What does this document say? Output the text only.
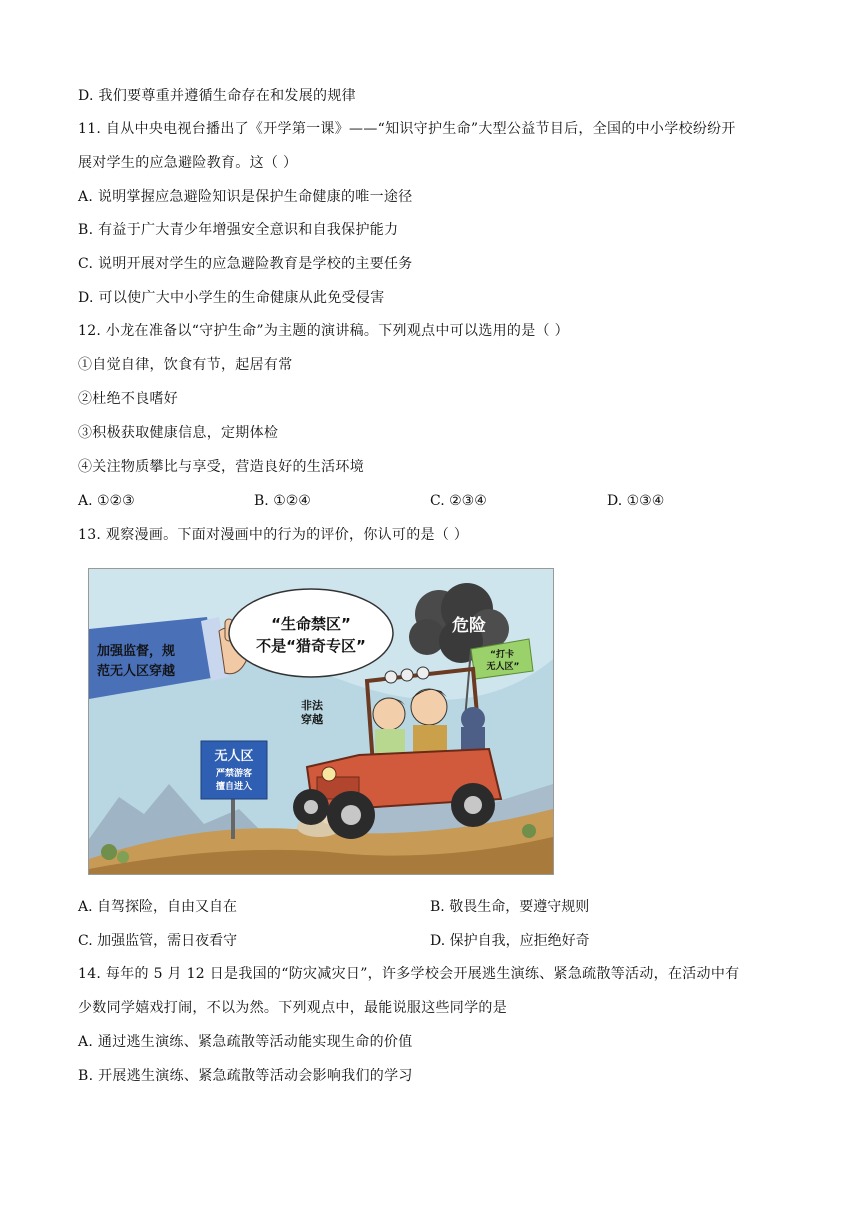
D. 我们要尊重并遵循生命存在和发展的规律
11. 自从中央电视台播出了《开学第一课》——“知识守护生命”大型公益节目后，全国的中小学校纷纷开
展对学生的应急避险教育。这（ ）
A. 说明掌握应急避险知识是保护生命健康的唯一途径
B. 有益于广大青少年增强安全意识和自我保护能力
C. 说明开展对学生的应急避险教育是学校的主要任务
D. 可以使广大中小学生的生命健康从此免受侵害
12. 小龙在准备以“守护生命”为主题的演讲稿。下列观点中可以选用的是（ ）
①自觉自律，饮食有节，起居有常
②杜绝不良嗜好
③积极获取健康信息，定期体检
④关注物质攀比与享受，营造良好的生活环境
A. ①②③	B. ①②④	C. ②③④	D. ①③④
13. 观察漫画。下面对漫画中的行为的评价，你认可的是（ ）
加强监督，规
范无人区穿越
“生命禁区”
不是“猎奇专区”
危险
“打卡
无人区”
非法
穿越
无人区
严禁游客
擅自进入
A. 自驾探险，自由又自在	B. 敬畏生命，要遵守规则
C. 加强监管，需日夜看守	D. 保护自我，应拒绝好奇
14. 每年的 5 月 12 日是我国的“防灾减灾日”，许多学校会开展逃生演练、紧急疏散等活动，在活动中有
少数同学嬉戏打闹，不以为然。下列观点中，最能说服这些同学的是
A. 通过逃生演练、紧急疏散等活动能实现生命的价值
B. 开展逃生演练、紧急疏散等活动会影响我们的学习
